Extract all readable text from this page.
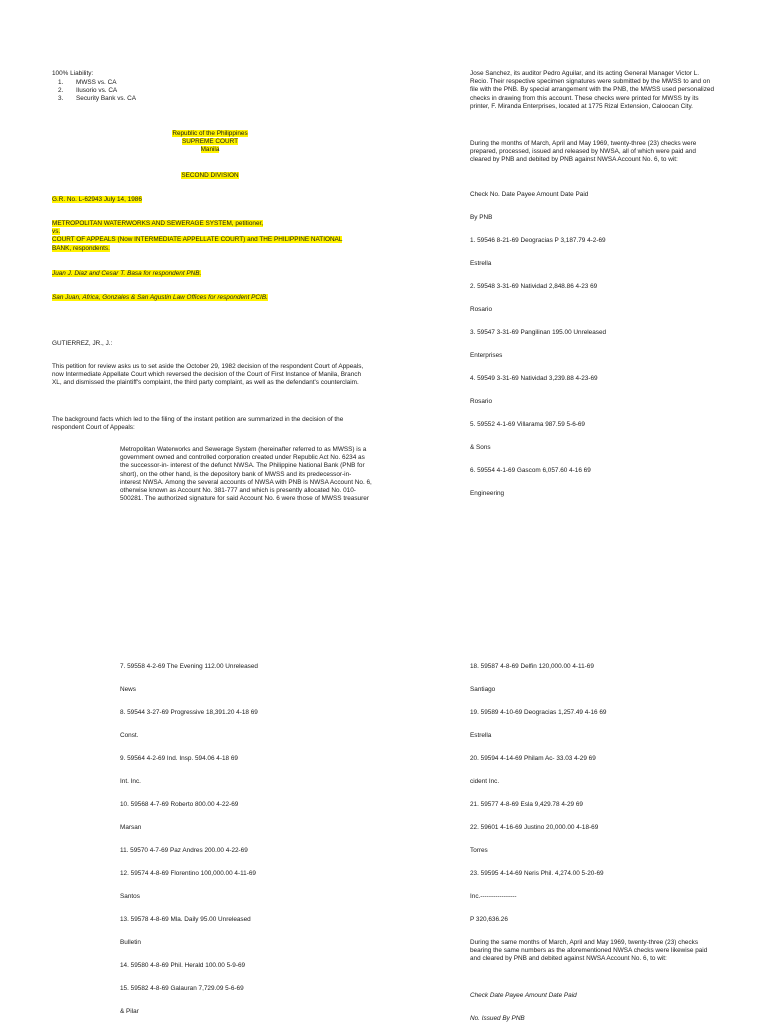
100% Liability:
1. MWSS vs. CA
2. Ilusorio vs. CA
3. Security Bank vs. CA
Republic of the Philippines
SUPREME COURT
Manila
SECOND DIVISION
G.R. No. L-62943 July 14, 1986
METROPOLITAN WATERWORKS AND SEWERAGE SYSTEM, petitioner,
vs.
COURT OF APPEALS (Now INTERMEDIATE APPELLATE COURT) and THE PHILIPPINE NATIONAL
BANK, respondents.
Juan J. Diaz and Cesar T. Basa for respondent PNB.
San Juan, Africa, Gonzales & San Agustin Law Offices for respondent PCIB.
GUTIERREZ, JR., J.:
This petition for review asks us to set aside the October 29, 1982 decision of the respondent Court of Appeals, now Intermediate Appellate Court which reversed the decision of the Court of First Instance of Manila, Branch XL, and dismissed the plaintiff's complaint, the third party complaint, as well as the defendant's counterclaim.
The background facts which led to the filing of the instant petition are summarized in the decision of the respondent Court of Appeals:
Metropolitan Waterworks and Sewerage System (hereinafter referred to as MWSS) is a government owned and controlled corporation created under Republic Act No. 6234 as the successor-in- interest of the defunct NWSA. The Philippine National Bank (PNB for short), on the other hand, is the depository bank of MWSS and its predecessor-in-interest NWSA. Among the several accounts of NWSA with PNB is NWSA Account No. 6, otherwise known as Account No. 381-777 and which is presently allocated No. 010-500281. The authorized signature for said Account No. 6 were those of MWSS treasurer
Jose Sanchez, its auditor Pedro Aguilar, and its acting General Manager Victor L. Recio. Their respective specimen signatures were submitted by the MWSS to and on file with the PNB. By special arrangement with the PNB, the MWSS used personalized checks in drawing from this account. These checks were printed for MWSS by its printer, F. Miranda Enterprises, located at 1775 Rizal Extension, Caloocan City.
During the months of March, April and May 1969, twenty-three (23) checks were prepared, processed, issued and released by NWSA, all of which were paid and cleared by PNB and debited by PNB against NWSA Account No. 6, to wit:
Check No. Date Payee Amount Date Paid
By PNB
1. 59546 8-21-69 Deogracias P 3,187.79 4-2-69
Estrella
2. 59548 3-31-69 Natividad 2,848.86 4-23 69
Rosario
3. 59547 3-31-69 Pangilinan 195.00 Unreleased
Enterprises
4. 59549 3-31-69 Natividad 3,239.88 4-23-69
Rosario
5. 59552 4-1-69 Villarama 987.59 5-6-69
& Sons
6. 59554 4-1-69 Gascom 6,057.60 4-16 69
Engineering
7. 59558 4-2-69 The Evening 112.00 Unreleased
News
8. 59544 3-27-69 Progressive 18,391.20 4-18 69
Const.
9. 59564 4-2-69 Ind. Insp. 594.06 4-18 69
Int. Inc.
10. 59568 4-7-69 Roberto 800.00 4-22-69
Marsan
11. 59570 4-7-69 Paz Andres 200.00 4-22-69
12. 59574 4-8-69 Florentino 100,000.00 4-11-69
Santos
13. 59578 4-8-69 Mla. Daily 95.00 Unreleased
Bulletin
14. 59580 4-8-69 Phil. Herald 100.00 5-9-69
15. 59582 4-8-69 Galauran 7,729.09 5-6-69
& Pilar
18. 59587 4-8-69 Delfin 120,000.00 4-11-69
Santiago
19. 59589 4-10-69 Deogracias 1,257.49 4-16 69
Estrella
20. 59594 4-14-69 Philam Ac- 33.03 4-29 69
cident Inc.
21. 59577 4-8-69 Esla 9,429.78 4-29 69
22. 59601 4-16-69 Justino 20,000.00 4-18-69
Torres
23. 59595 4-14-69 Neris Phil. 4,274.00 5-20-69
Inc.-----------------
P 320,636.26
During the same months of March, April and May 1969, twenty-three (23) checks bearing the same numbers as the aforementioned NWSA checks were likewise paid and cleared by PNB and debited against NWSA Account No. 6, to wit:
Check Date Payee Amount Date Paid
No. Issued By PNB
